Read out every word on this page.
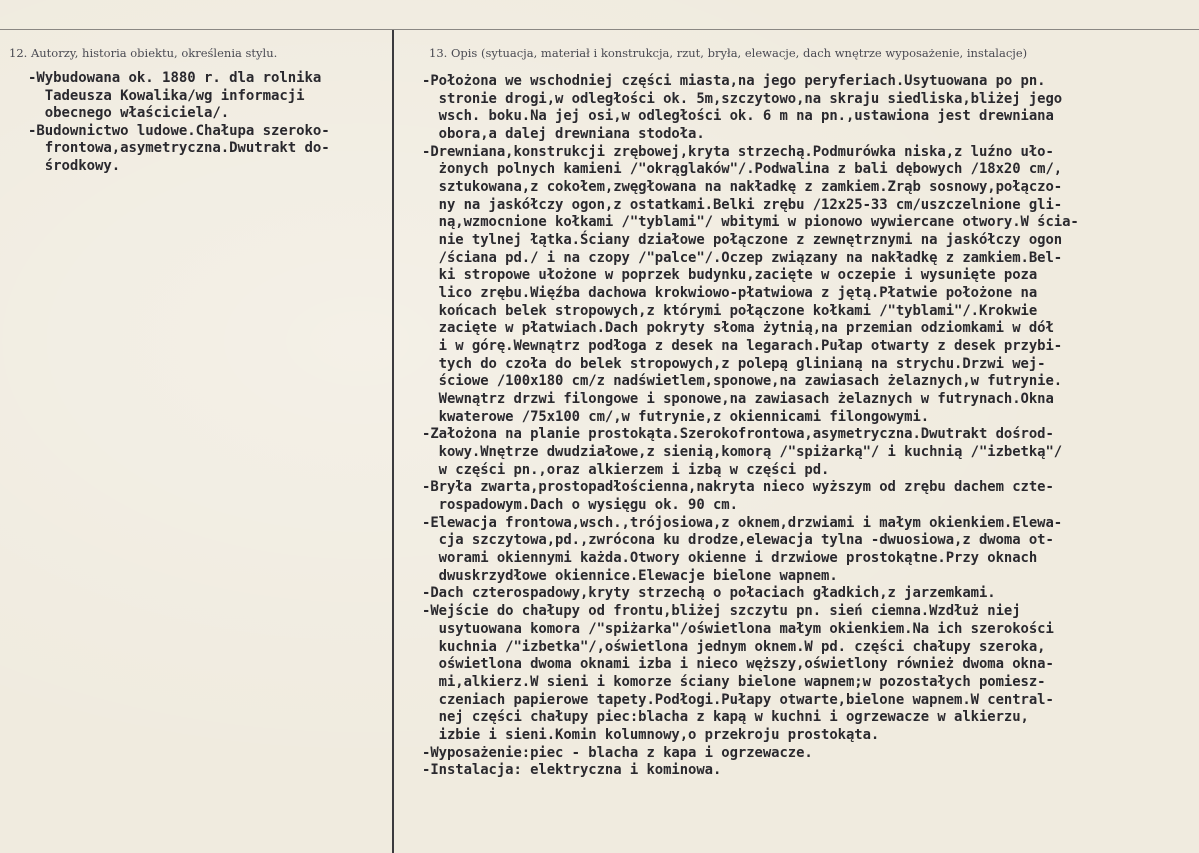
12. Autorzy, historia obiektu, określenia stylu.	13. Opis (sytuacja, materiał i konstrukcja, rzut, bryła, elewacje, dach wnętrze wyposażenie, instalacje)
-Wybudowana ok. 1880 r. dla rolnika
Tadeusza Kowalika/wg informacji
obecnego właściciela/.
-Budownictwo ludowe.Chałupa szeroko-
frontowa,asymetryczna.Dwutrakt do-
środkowy.
-Położona we wschodniej części miasta,na jego peryferiach.Usytuowana po pn.
stronie drogi,w odległości ok. 5m,szczytowo,na skraju siedliska,bliżej jego
wsch. boku.Na jej osi,w odległości ok. 6 m na pn.,ustawiona jest drewniana
obora,a dalej drewniana stodoła.
-Drewniana,konstrukcji zrębowej,kryta strzechą.Podmurówka niska,z luźno uło-
żonych polnych kamieni /"okrąglaków"/.Podwalina z bali dębowych /18x20 cm/,
sztukowana,z cokołem,zwęgłowana na nakładkę z zamkiem.Zrąb sosnowy,połączo-
ny na jaskółczy ogon,z ostatkami.Belki zrębu /12x25-33 cm/uszczelnione gli-
ną,wzmocnione kołkami /"tyblami"/ wbitymi w pionowo wywiercane otwory.W ścia-
nie tylnej łątka.Ściany działowe połączone z zewnętrznymi na jaskółczy ogon
/ściana pd./ i na czopy /"palce"/.Oczep związany na nakładkę z zamkiem.Bel-
ki stropowe ułożone w poprzek budynku,zacięte w oczepie i wysunięte poza
lico zrębu.Więźba dachowa krokwiowo-płatwiowa z jętą.Płatwie położone na
końcach belek stropowych,z którymi połączone kołkami /"tyblami"/.Krokwie
zacięte w płatwiach.Dach pokryty słoma żytnią,na przemian odziomkami w dół
i w górę.Wewnątrz podłoga z desek na legarach.Pułap otwarty z desek przybi-
tych do czoła do belek stropowych,z polepą glinianą na strychu.Drzwi wej-
ściowe /100x180 cm/z nadświetlem,sponowe,na zawiasach żelaznych,w futrynie.
Wewnątrz drzwi filongowe i sponowe,na zawiasach żelaznych w futrynach.Okna
kwaterowe /75x100 cm/,w futrynie,z okiennicami filongowymi.
-Założona na planie prostokąta.Szerokofrontowa,asymetryczna.Dwutrakt dośrod-
kowy.Wnętrze dwudziałowe,z sienią,komorą /"spiżarką"/ i kuchnią /"izbetką"/
w części pn.,oraz alkierzem i izbą w części pd.
-Bryła zwarta,prostopadłościenna,nakryta nieco wyższym od zrębu dachem czte-
rospadowym.Dach o wysięgu ok. 90 cm.
-Elewacja frontowa,wsch.,trójosiowa,z oknem,drzwiami i małym okienkiem.Elewa-
cja szczytowa,pd.,zwrócona ku drodze,elewacja tylna -dwuosiowa,z dwoma ot-
worami okiennymi każda.Otwory okienne i drzwiowe prostokątne.Przy oknach
dwuskrzydłowe okiennice.Elewacje bielone wapnem.
-Dach czterospadowy,kryty strzechą o połaciach gładkich,z jarzemkami.
-Wejście do chałupy od frontu,bliżej szczytu pn. sień ciemna.Wzdłuż niej
usytuowana komora /"spiżarka"/oświetlona małym okienkiem.Na ich szerokości
kuchnia /"izbetka"/,oświetlona jednym oknem.W pd. części chałupy szeroka,
oświetlona dwoma oknami izba i nieco węższy,oświetlony również dwoma okna-
mi,alkierz.W sieni i komorze ściany bielone wapnem;w pozostałych pomiesz-
czeniach papierowe tapety.Podłogi.Pułapy otwarte,bielone wapnem.W central-
nej części chałupy piec:blacha z kapą w kuchni i ogrzewacze w alkierzu,
izbie i sieni.Komin kolumnowy,o przekroju prostokąta.
-Wyposażenie:piec - blacha z kapa i ogrzewacze.
-Instalacja: elektryczna i kominowa.
